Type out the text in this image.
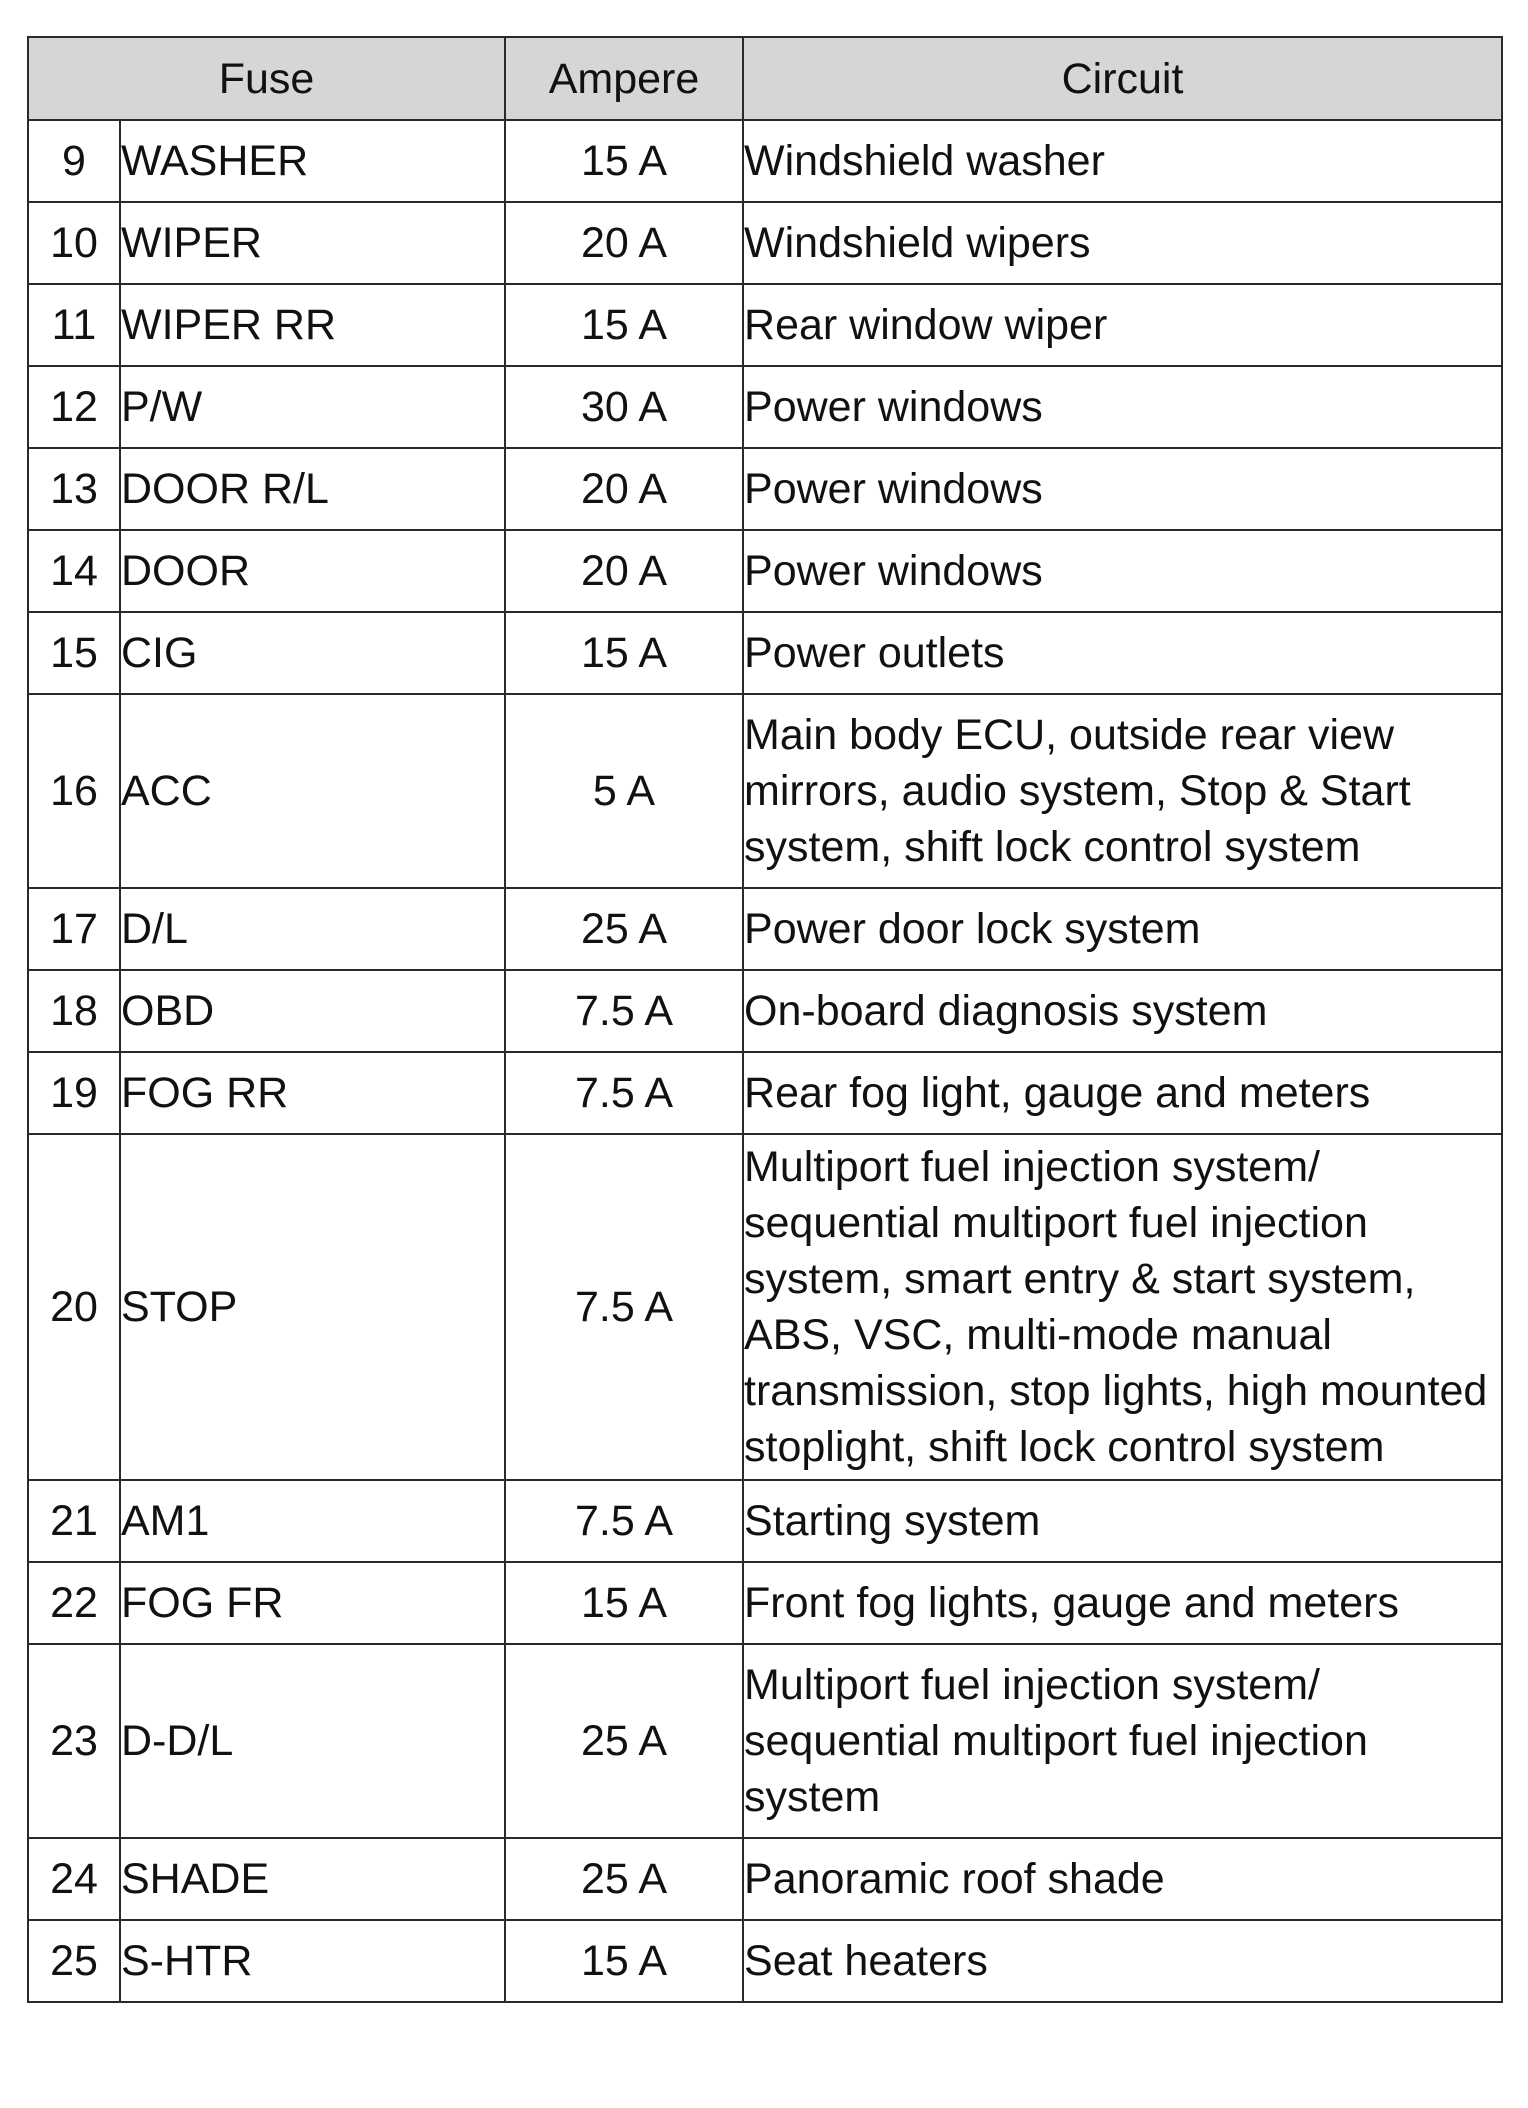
Fuse		Ampere	Circuit
9	WASHER	15 A	Windshield washer
10	WIPER	20 A	Windshield wipers
11	WIPER RR	15 A	Rear window wiper
12	P/W	30 A	Power windows
13	DOOR R/L	20 A	Power windows
14	DOOR	20 A	Power windows
15	CIG	15 A	Power outlets
16	ACC	5 A	Main body ECU, outside rear view mirrors, audio system, Stop & Start system, shift lock control system
17	D/L	25 A	Power door lock system
18	OBD	7.5 A	On-board diagnosis system
19	FOG RR	7.5 A	Rear fog light, gauge and meters
20	STOP	7.5 A	Multiport fuel injection system/ sequential multiport fuel injection system, smart entry & start system, ABS, VSC, multi-mode manual transmission, stop lights, high mounted stoplight, shift lock control system
21	AM1	7.5 A	Starting system
22	FOG FR	15 A	Front fog lights, gauge and meters
23	D-D/L	25 A	Multiport fuel injection system/ sequential multiport fuel injection system
24	SHADE	25 A	Panoramic roof shade
25	S-HTR	15 A	Seat heaters
